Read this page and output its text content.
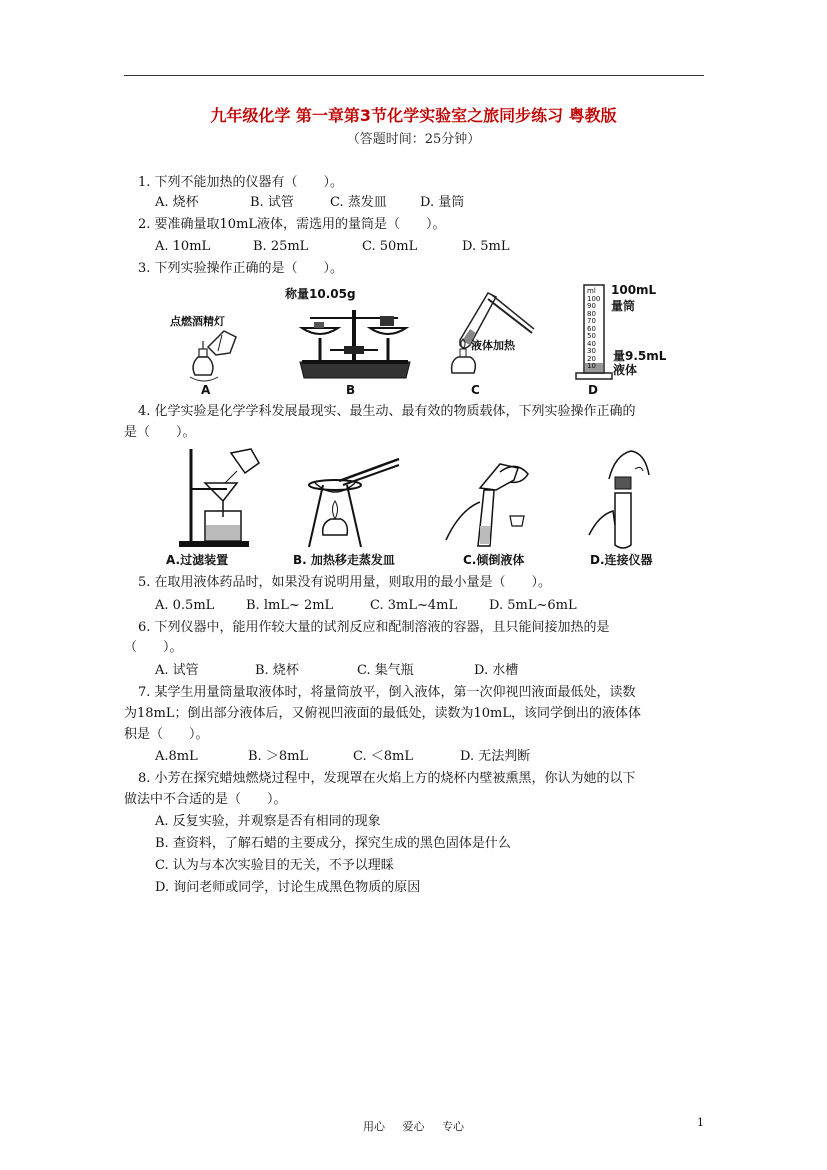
九年级化学 第一章第3节化学实验室之旅同步练习 粤教版
（答题时间：25分钟）
1. 下列不能加热的仪器有（　　）。
A. 烧杯	B. 试管	C. 蒸发皿	D. 量筒
2. 要准确量取10mL液体，需选用的量筒是（　　）。
A. 10mL	B. 25mL	C. 50mL	D. 5mL
3. 下列实验操作正确的是（　　）。
点燃酒精灯
A
称量10.05g
B
液体加热
C
ml
100
90
80
70
60
50
40
30
20
10
100mL
量筒
量9.5mL
液体
D
4. 化学实验是化学学科发展最现实、最生动、最有效的物质载体，下列实验操作正确的
是（　　）。
A.过滤装置	B. 加热移走蒸发皿	C.倾倒液体	D.连接仪器
5. 在取用液体药品时，如果没有说明用量，则取用的最小量是（　　）。
A. 0.5mL B. lmL~ 2mL	C. 3mL~4mL D. 5mL~6mL
6. 下列仪器中，能用作较大量的试剂反应和配制溶液的容器，且只能间接加热的是
（　　）。
A. 试管	B. 烧杯	C. 集气瓶	D. 水槽
7. 某学生用量筒量取液体时，将量筒放平，倒入液体，第一次仰视凹液面最低处，读数
为18mL；倒出部分液体后，又俯视凹液面的最低处，读数为10mL，该同学倒出的液体体
积是（　　）。
A.8mL	B. ＞8mL	C. ＜8mL	D. 无法判断
8. 小芳在探究蜡烛燃烧过程中，发现罩在火焰上方的烧杯内壁被熏黑，你认为她的以下
做法中不合适的是（　　）。
A. 反复实验，并观察是否有相同的现象
B. 查资料，了解石蜡的主要成分，探究生成的黑色固体是什么
C. 认为与本次实验目的无关，不予以理睬
D. 询问老师或同学，讨论生成黑色物质的原因
用心 爱心 专心	1
